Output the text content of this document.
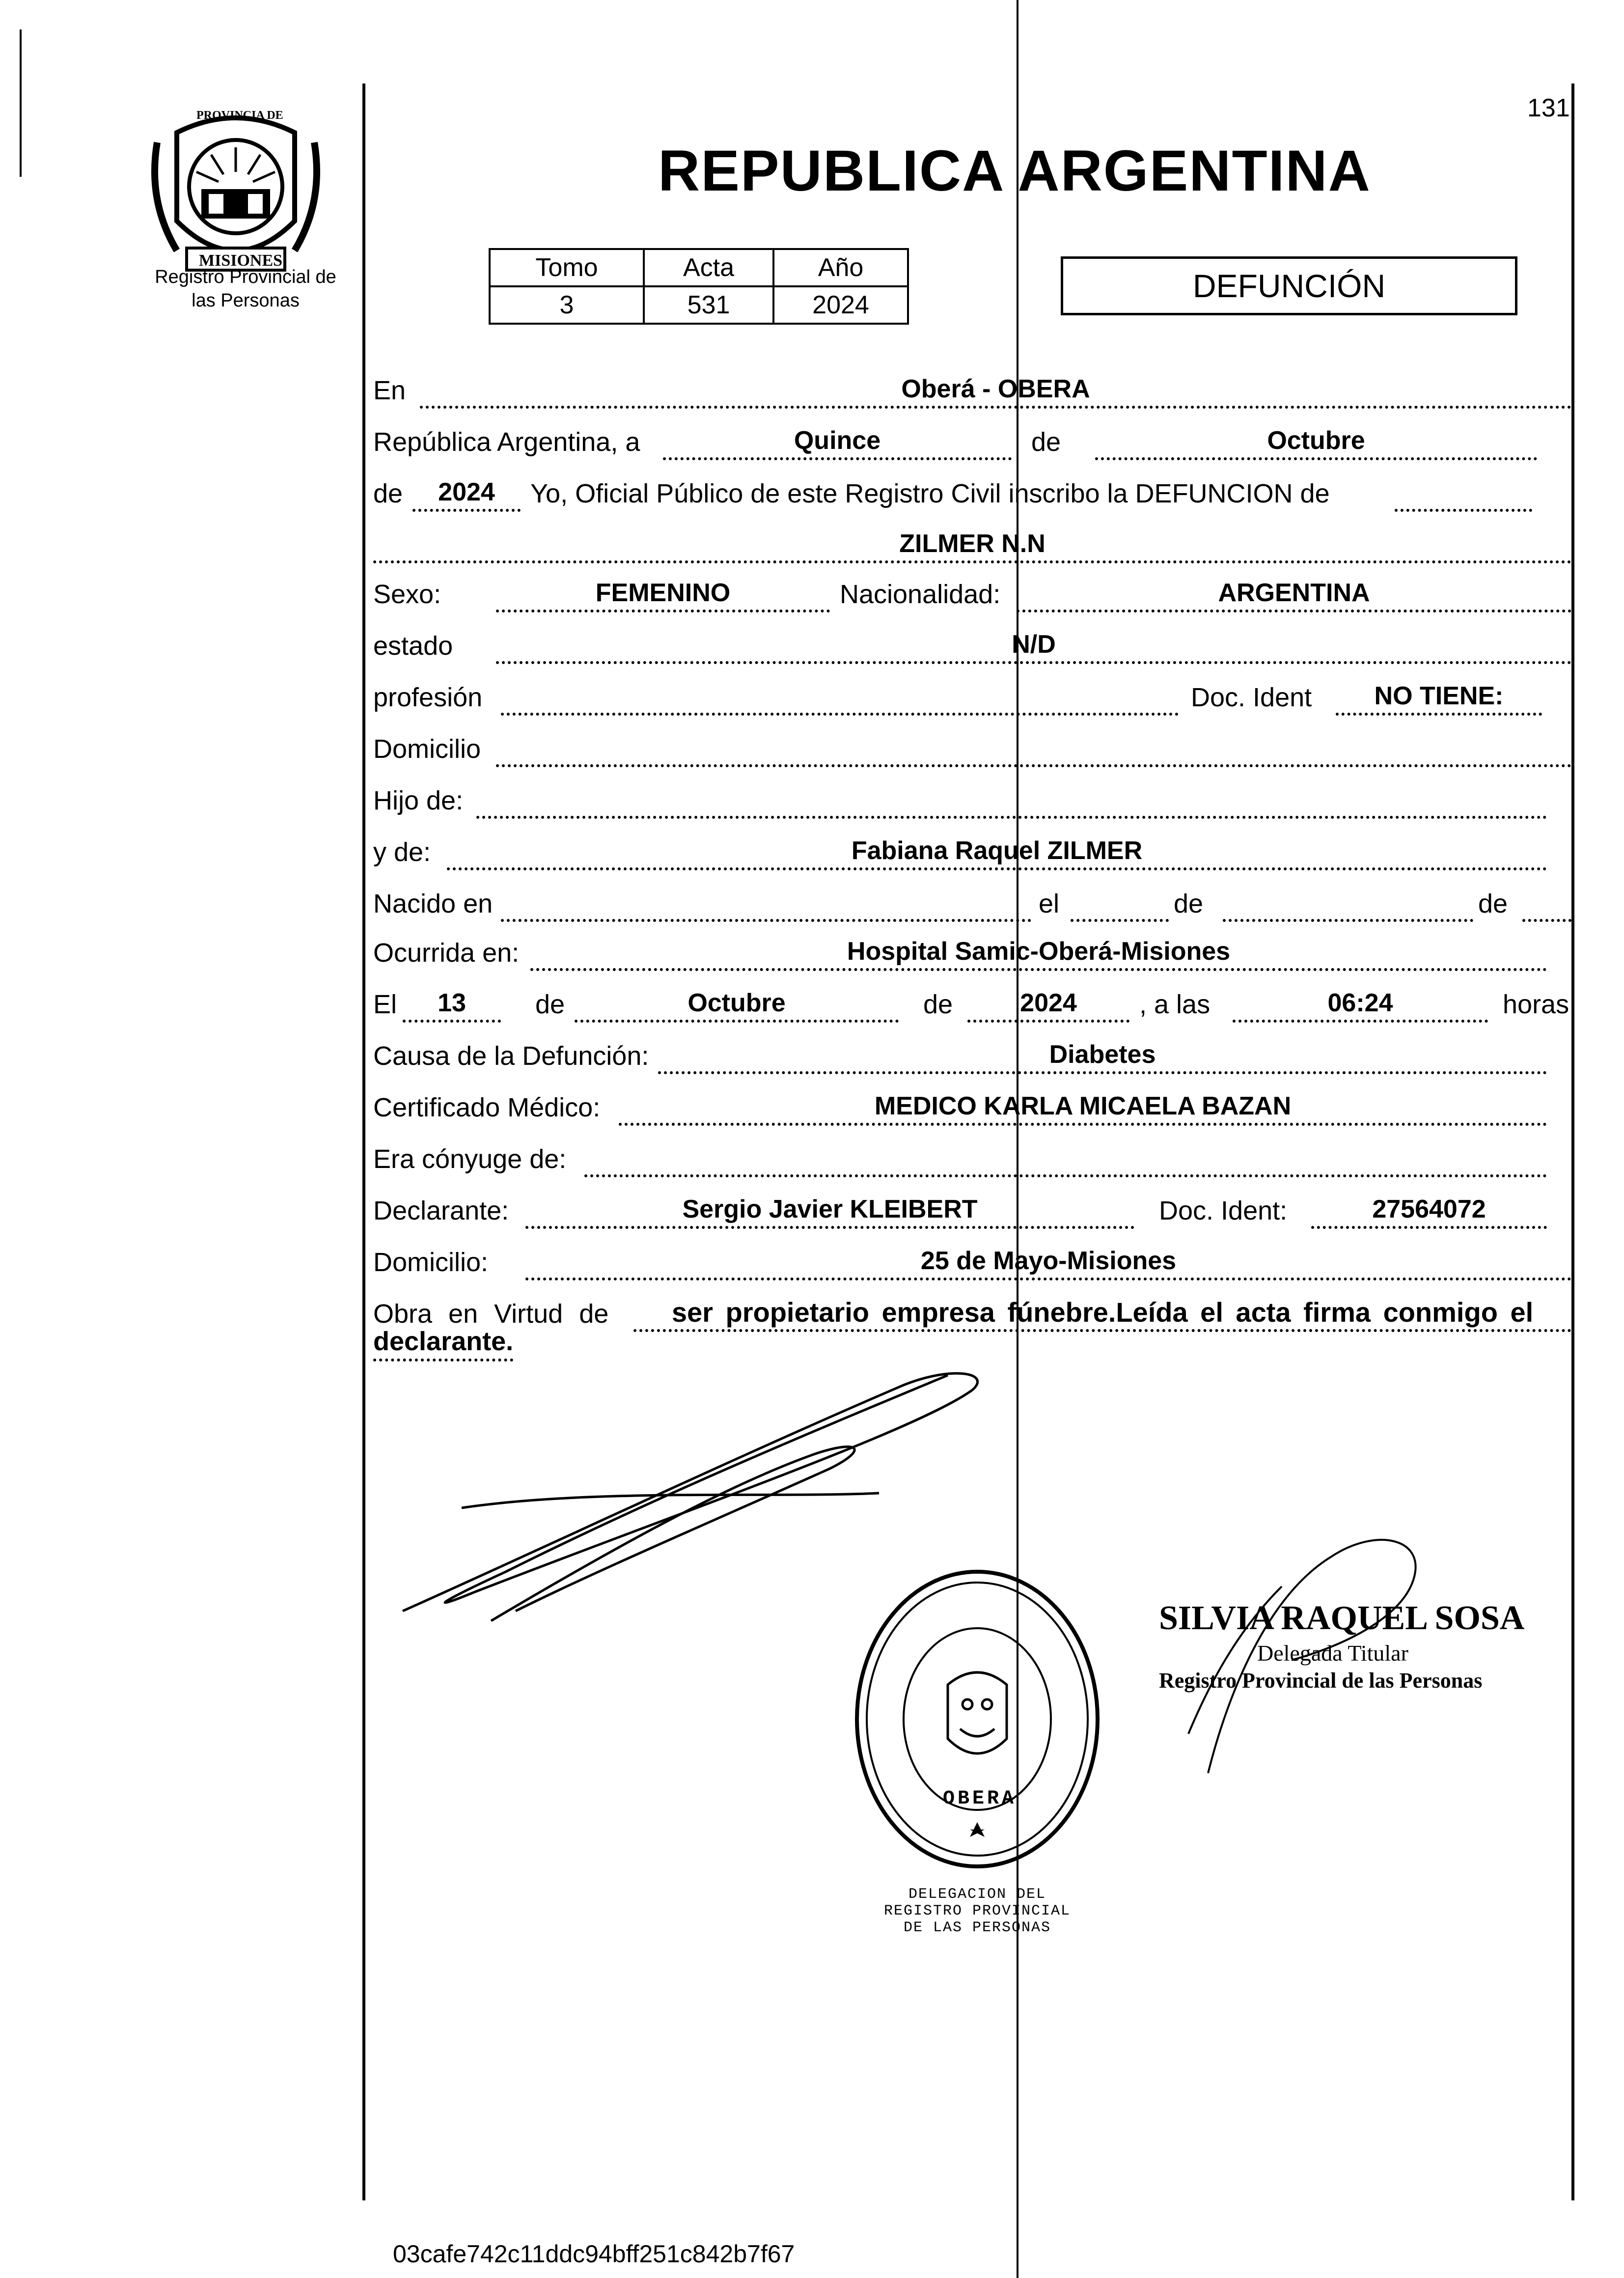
131
PROVINCIA DE
MISIONES
Registro Provincial de
las Personas
REPUBLICA ARGENTINA
Tomo	Acta	Año
3	531	2024
DEFUNCIÓN
En	Oberá - OBERA
República Argentina, a	Quince	de	Octubre
de	2024	Yo, Oficial Público de este Registro Civil inscribo la DEFUNCION de
ZILMER N.N
Sexo:	FEMENINO	Nacionalidad:	ARGENTINA
estado	N/D
profesión	Doc. Ident	NO TIENE:
Domicilio
Hijo de:
y de:	Fabiana Raquel ZILMER
Nacido en	el	de	de
Ocurrida en:	Hospital Samic-Oberá-Misiones
El	13	de	Octubre	de	2024	, a las	06:24	horas
Causa de la Defunción:	Diabetes
Certificado Médico:	MEDICO KARLA MICAELA BAZAN
Era cónyuge de:
Declarante:	Sergio Javier KLEIBERT	Doc. Ident:	27564072
Domicilio:	25 de Mayo-Misiones
Obra en Virtud de	ser propietario empresa fúnebre.Leída el acta firma conmigo el
declarante.
DELEGACION DEL REGISTRO PROVINCIAL DE LAS PERSONAS
OBERA
SILVIA RAQUEL SOSA
Delegada Titular
Registro Provincial de las Personas
03cafe742c11ddc94bff251c842b7f67
